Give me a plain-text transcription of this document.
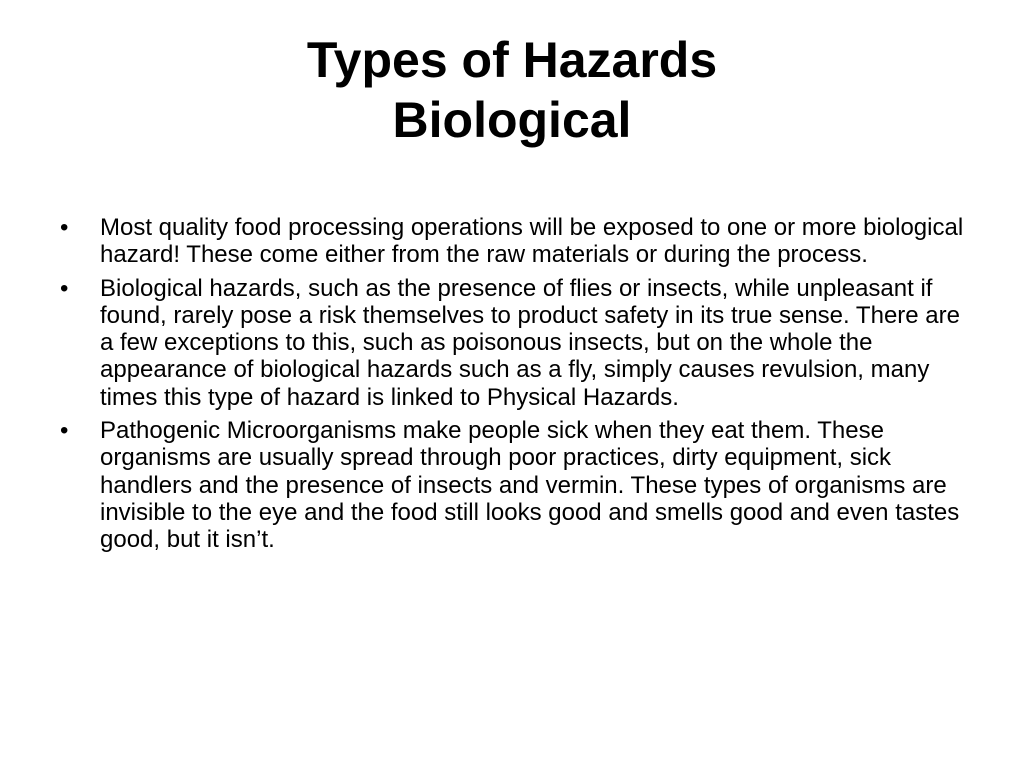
Types of Hazards
Biological
• Most quality food processing operations will be exposed to one or more biological hazard! These come either from the raw materials or during the process.
• Biological hazards, such as the presence of flies or insects, while unpleasant if found, rarely pose a risk themselves to product safety in its true sense. There are a few exceptions to this, such as poisonous insects, but on the whole the appearance of biological hazards such as a fly, simply causes revulsion, many times this type of hazard is linked to Physical Hazards.
• Pathogenic Microorganisms make people sick when they eat them. These organisms are usually spread through poor practices, dirty equipment, sick handlers and the presence of insects and vermin. These types of organisms are invisible to the eye and the food still looks good and smells good and even tastes good, but it isn’t.
